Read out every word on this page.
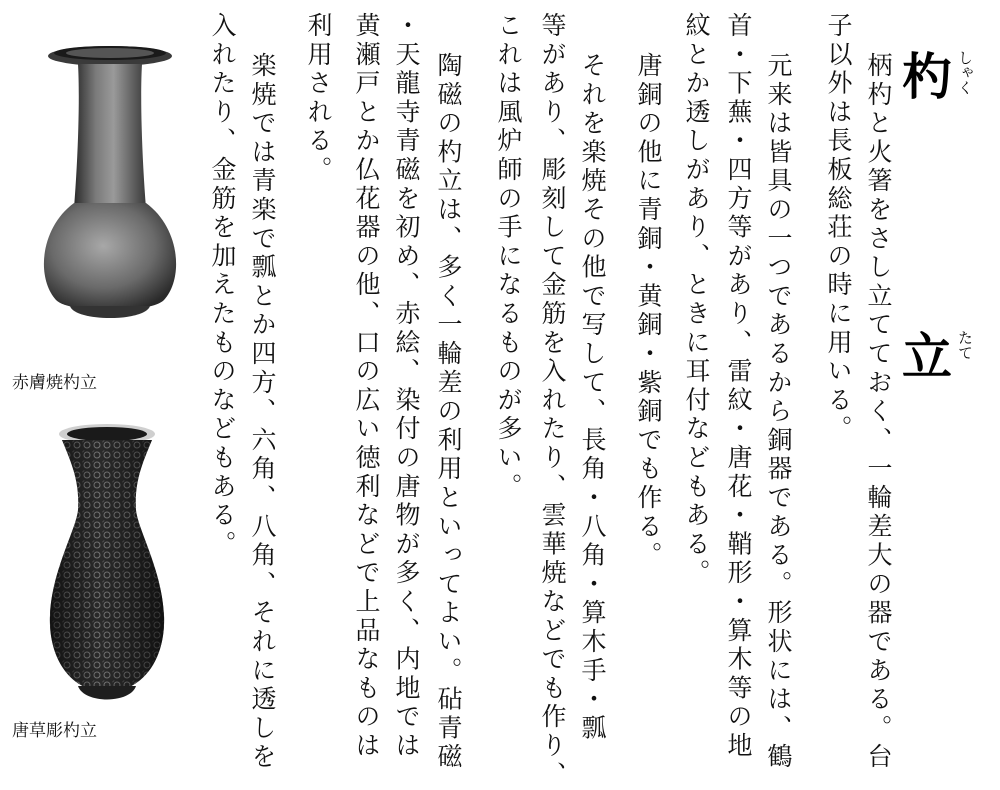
杓 しゃく
立 たて
柄杓と火箸をさし立てておく、一輪差大の器である。台
子以外は長板総荘の時に用いる。
元来は皆具の一つであるから銅器である。形状には、鶴
首・下蕪・四方等があり、雷紋・唐花・鞘形・算木等の地
紋とか透しがあり、ときに耳付などもある。
唐銅の他に青銅・黄銅・紫銅でも作る。
それを楽焼その他で写して、長角・八角・算木手・瓢
等があり、彫刻して金筋を入れたり、雲華焼などでも作り、
これは風炉師の手になるものが多い。
陶磁の杓立は、多く一輪差の利用といってよい。砧青磁
・天龍寺青磁を初め、赤絵、染付の唐物が多く、内地では
黄瀬戸とか仏花器の他、口の広い徳利などで上品なものは
利用される。
楽焼では青楽で瓢とか四方、六角、八角、それに透しを
入れたり、金筋を加えたものなどもある。
赤膚焼杓立
唐草彫杓立
